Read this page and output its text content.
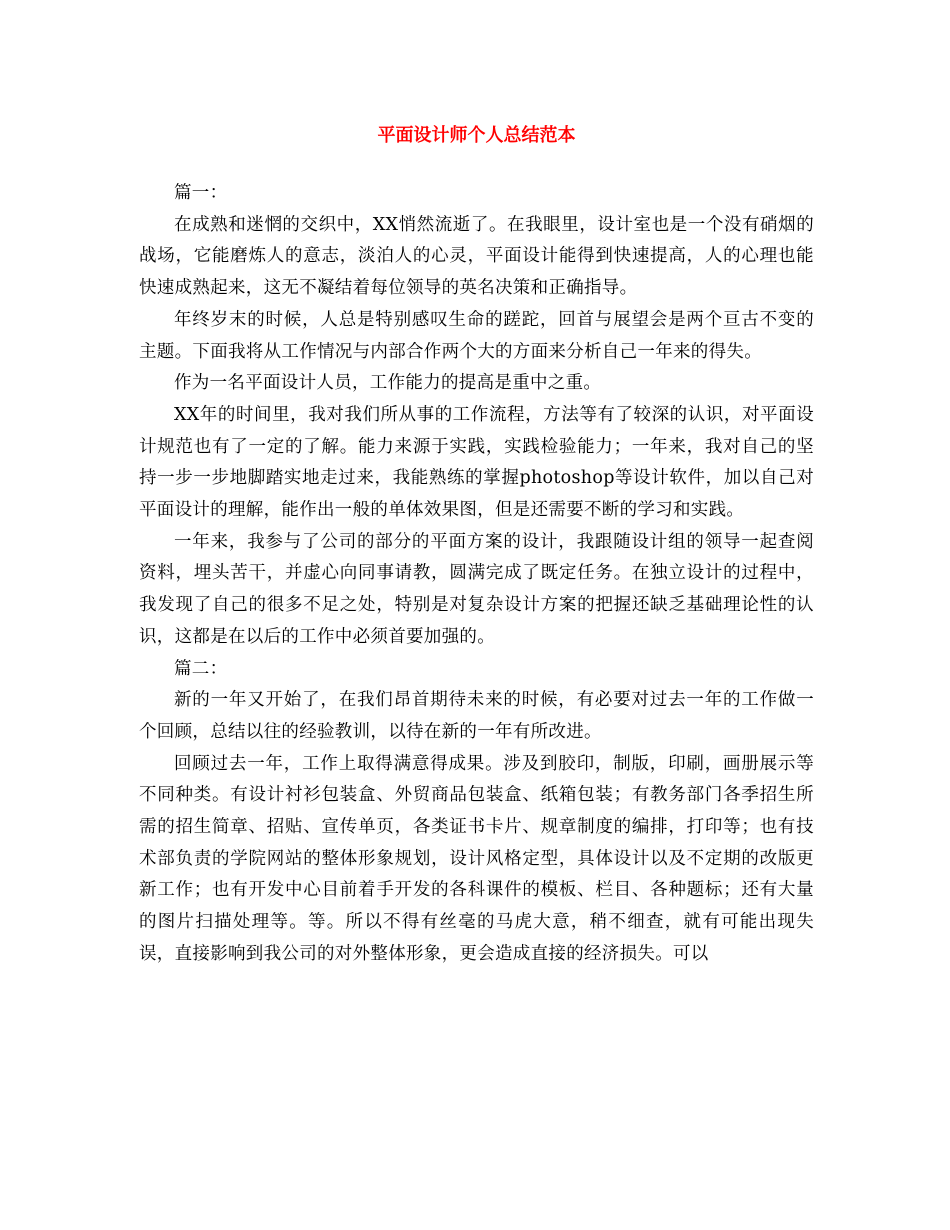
平面设计师个人总结范本

篇一：

在成熟和迷惘的交织中，XX悄然流逝了。在我眼里，设计室也是一个没有硝烟的战场，它能磨炼人的意志，淡泊人的心灵，平面设计能得到快速提高，人的心理也能快速成熟起来，这无不凝结着每位领导的英名决策和正确指导。

年终岁末的时候，人总是特别感叹生命的蹉跎，回首与展望会是两个亘古不变的主题。下面我将从工作情况与内部合作两个大的方面来分析自己一年来的得失。

作为一名平面设计人员，工作能力的提高是重中之重。

XX年的时间里，我对我们所从事的工作流程，方法等有了较深的认识，对平面设计规范也有了一定的了解。能力来源于实践，实践检验能力；一年来，我对自己的坚持一步一步地脚踏实地走过来，我能熟练的掌握photoshop等设计软件，加以自己对平面设计的理解，能作出一般的单体效果图，但是还需要不断的学习和实践。

一年来，我参与了公司的部分的平面方案的设计，我跟随设计组的领导一起查阅资料，埋头苦干，并虚心向同事请教，圆满完成了既定任务。在独立设计的过程中，我发现了自己的很多不足之处，特别是对复杂设计方案的把握还缺乏基础理论性的认识，这都是在以后的工作中必须首要加强的。

篇二：

新的一年又开始了，在我们昂首期待未来的时候，有必要对过去一年的工作做一个回顾，总结以往的经验教训，以待在新的一年有所改进。

回顾过去一年，工作上取得满意得成果。涉及到胶印，制版，印刷，画册展示等不同种类。有设计衬衫包装盒、外贸商品包装盒、纸箱包装；有教务部门各季招生所需的招生简章、招贴、宣传单页，各类证书卡片、规章制度的编排，打印等；也有技术部负责的学院网站的整体形象规划，设计风格定型，具体设计以及不定期的改版更新工作；也有开发中心目前着手开发的各科课件的模板、栏目、各种题标；还有大量的图片扫描处理等。等。所以不得有丝毫的马虎大意，稍不细查，就有可能出现失误，直接影响到我公司的对外整体形象，更会造成直接的经济损失。可以
